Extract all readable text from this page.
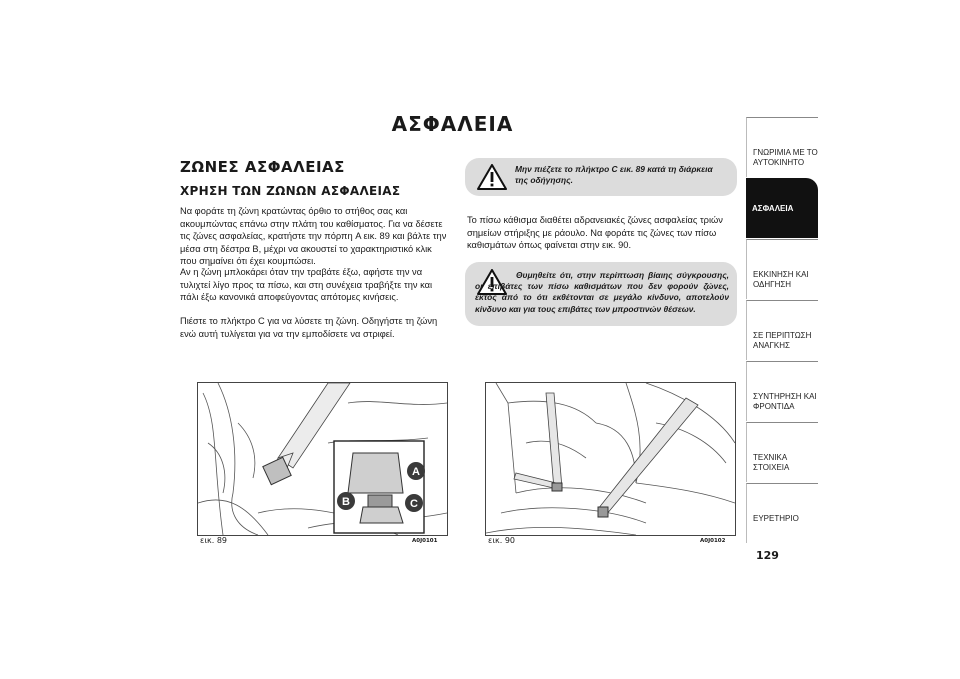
ΑΣΦΑΛΕΙΑ
ΖΩΝΕΣ ΑΣΦΑΛΕΙΑΣ
ΧΡΗΣΗ ΤΩΝ ΖΩΝΩΝ ΑΣΦΑΛΕΙΑΣ

Να φοράτε τη ζώνη κρατώντας όρθιο το στήθος σας και ακουμπώντας επάνω στην πλάτη του καθίσματος. Για να δέσετε τις ζώνες ασφαλείας, κρατήστε την πόρπη A εικ. 89 και βάλτε την μέσα στη δέστρα B, μέχρι να ακουστεί το χαρακτηριστικό κλικ που σημαίνει ότι έχει κουμπώσει.

Αν η ζώνη μπλοκάρει όταν την τραβάτε έξω, αφήστε την να τυλιχτεί λίγο προς τα πίσω, και στη συνέχεια τραβήξτε την και πάλι έξω κανονικά αποφεύγοντας απότομες κινήσεις.

Πιέστε το πλήκτρο C για να λύσετε τη ζώνη. Οδηγήστε τη ζώνη ενώ αυτή τυλίγεται για να την εμποδίσετε να στριφεί.

Μην πιέζετε το πλήκτρο C εικ. 89 κατά τη διάρκεια της οδήγησης.

Το πίσω κάθισμα διαθέτει αδρανειακές ζώνες ασφαλείας τριών σημείων στήριξης με ράουλο. Να φοράτε τις ζώνες των πίσω καθισμάτων όπως φαίνεται στην εικ. 90.

Θυμηθείτε ότι, στην περίπτωση βίαιης σύγκρουσης, οι επιβάτες των πίσω καθισμάτων που δεν φορούν ζώνες, εκτός από το ότι εκθέτονται σε μεγάλο κίνδυνο, αποτελούν κίνδυνο και για τους επιβάτες των μπροστινών θέσεων.
A
B	C
εικ. 89	A0J0101	εικ. 90	A0J0102
ΓΝΩΡΙΜΙΑ ΜΕ ΤΟ ΑΥΤΟΚΙΝΗΤΟ
ΑΣΦΑΛΕΙΑ
ΕΚΚΙΝΗΣΗ ΚΑΙ ΟΔΗΓΗΣΗ
ΣΕ ΠΕΡΙΠΤΩΣΗ ΑΝΑΓΚΗΣ
ΣΥΝΤΗΡΗΣΗ ΚΑΙ ΦΡΟΝΤΙΔΑ
ΤΕΧΝΙΚΑ ΣΤΟΙΧΕΙΑ
ΕΥΡΕΤΗΡΙΟ
129
